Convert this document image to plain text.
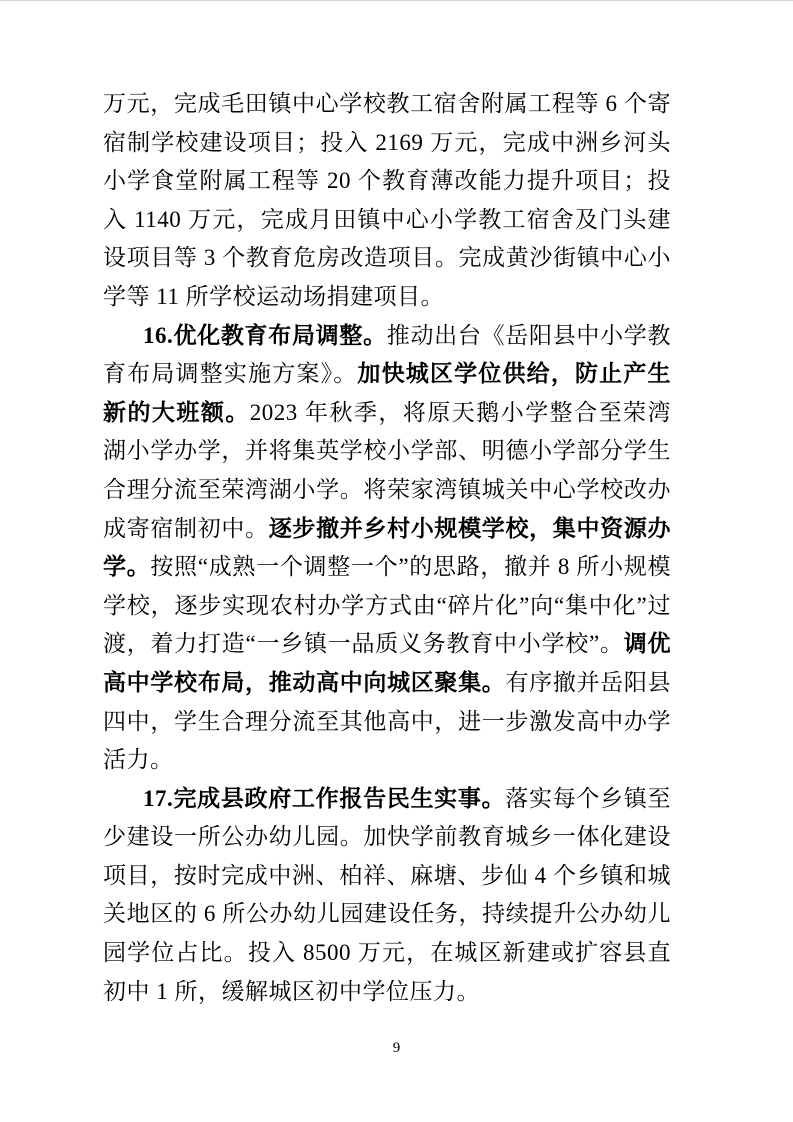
万元，完成毛田镇中心学校教工宿舍附属工程等 6 个寄宿制学校建设项目；投入 2169 万元，完成中洲乡河头小学食堂附属工程等 20 个教育薄改能力提升项目；投入 1140 万元，完成月田镇中心小学教工宿舍及门头建设项目等 3 个教育危房改造项目。完成黄沙街镇中心小学等 11 所学校运动场捐建项目。

16.优化教育布局调整。推动出台《岳阳县中小学教育布局调整实施方案》。加快城区学位供给，防止产生新的大班额。2023 年秋季，将原天鹅小学整合至荣湾湖小学办学，并将集英学校小学部、明德小学部分学生合理分流至荣湾湖小学。将荣家湾镇城关中心学校改办成寄宿制初中。逐步撤并乡村小规模学校，集中资源办学。按照“成熟一个调整一个”的思路，撤并 8 所小规模学校，逐步实现农村办学方式由“碎片化”向“集中化”过渡，着力打造“一乡镇一品质义务教育中小学校”。调优高中学校布局，推动高中向城区聚集。有序撤并岳阳县四中，学生合理分流至其他高中，进一步激发高中办学活力。

17.完成县政府工作报告民生实事。落实每个乡镇至少建设一所公办幼儿园。加快学前教育城乡一体化建设项目，按时完成中洲、柏祥、麻塘、步仙 4 个乡镇和城关地区的 6 所公办幼儿园建设任务，持续提升公办幼儿园学位占比。投入 8500 万元，在城区新建或扩容县直初中 1 所，缓解城区初中学位压力。

9
